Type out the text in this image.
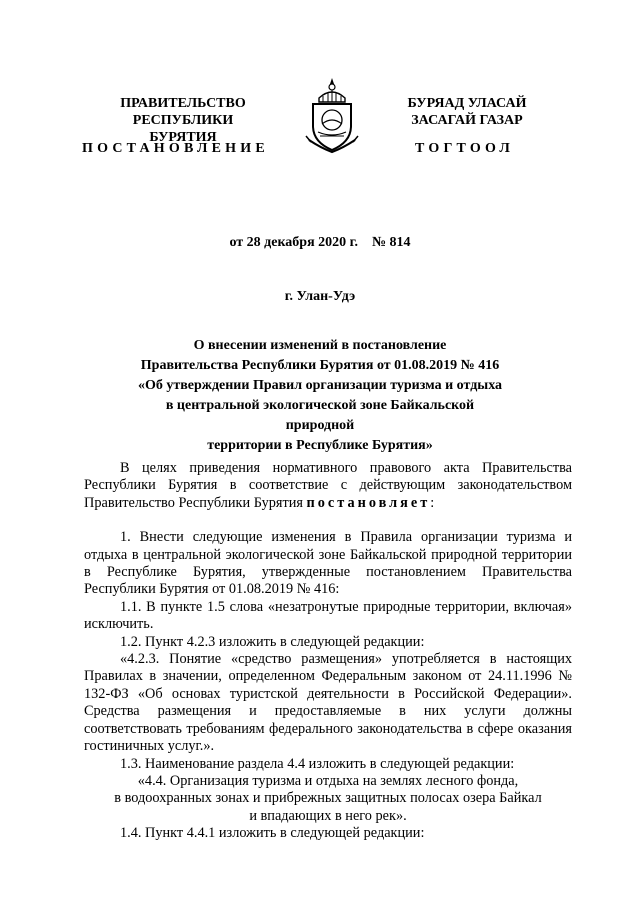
ПРАВИТЕЛЬСТВО
РЕСПУБЛИКИ БУРЯТИЯ
БУРЯАД УЛАСАЙ
ЗАСАГАЙ ГАЗАР
ПОСТАНОВЛЕНИЕ	ТОГТООЛ
от 28 декабря 2020 г.    № 814
г. Улан-Удэ
О внесении изменений в постановление
Правительства Республики Бурятия от 01.08.2019 № 416
«Об утверждении Правил организации туризма и отдыха
в центральной экологической зоне Байкальской природной
территории в Республике Бурятия»

В целях приведения нормативного правового акта Правительства Республики Бурятия в соответствие с действующим законодательством Правительство Республики Бурятия постановляет:

1. Внести следующие изменения в Правила организации туризма и отдыха в центральной экологической зоне Байкальской природной территории в Республике Бурятия, утвержденные постановлением Правительства Республики Бурятия от 01.08.2019 № 416:

1.1. В пункте 1.5 слова «незатронутые природные территории, включая» исключить.

1.2. Пункт 4.2.3 изложить в следующей редакции:

«4.2.3. Понятие «средство размещения» употребляется в настоящих Правилах в значении, определенном Федеральным законом от 24.11.1996 № 132-ФЗ «Об основах туристской деятельности в Российской Федерации». Средства размещения и предоставляемые в них услуги должны соответствовать требованиям федерального законодательства в сфере оказания гостиничных услуг.».

1.3. Наименование раздела 4.4 изложить в следующей редакции:

«4.4. Организация туризма и отдыха на землях лесного фонда,

в водоохранных зонах и прибрежных защитных полосах озера Байкал

и впадающих в него рек».

1.4. Пункт 4.4.1 изложить в следующей редакции:
